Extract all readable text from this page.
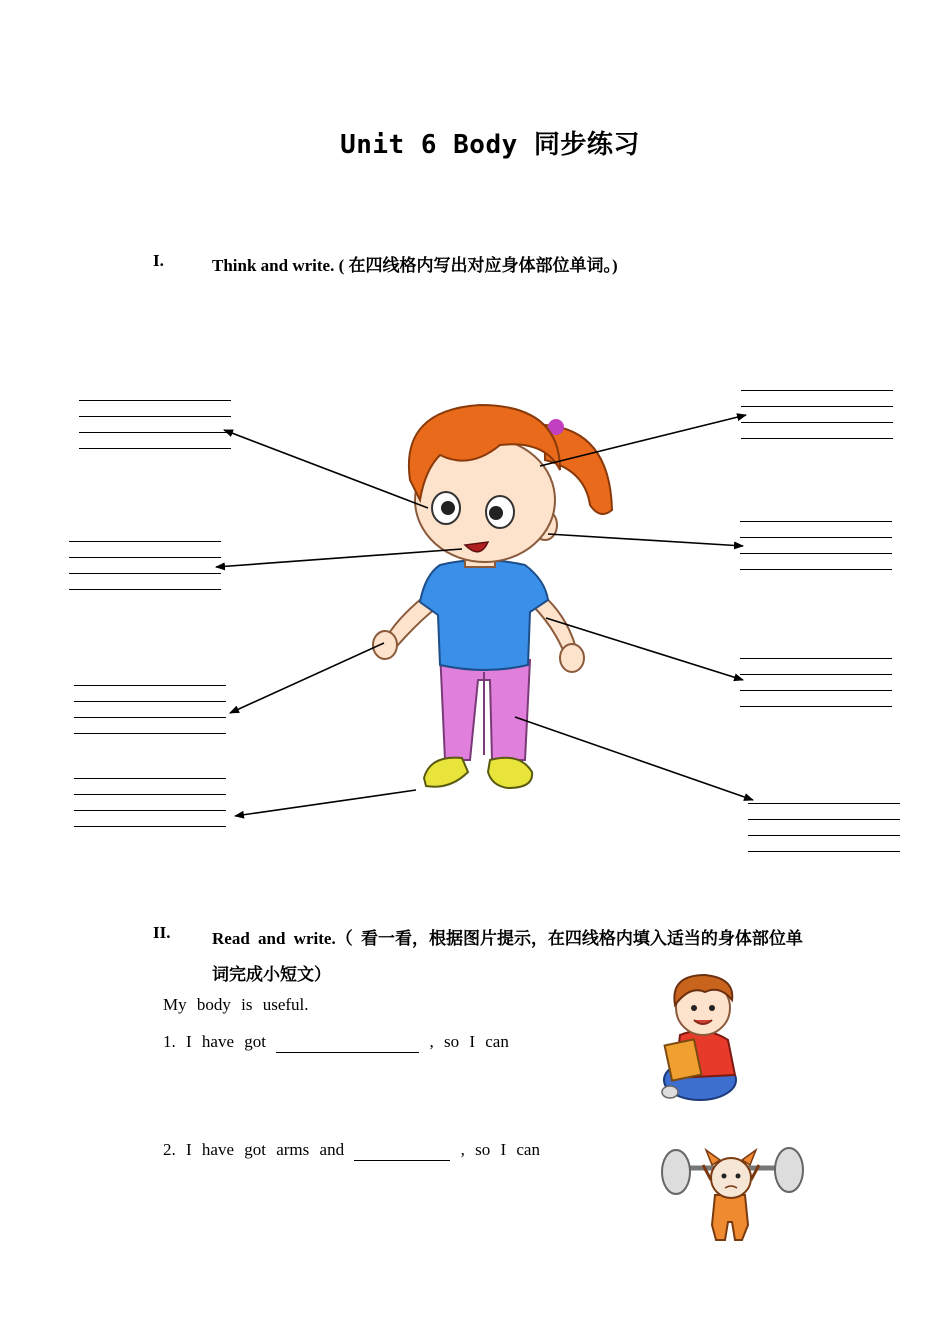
Unit 6 Body 同步练习
I.	Think and write. ( 在四线格内写出对应身体部位单词。)
II. Read and write.（ 看一看，根据图片提示，在四线格内填入适当的身体部位单词完成小短文）
My body is useful.
1. I have got	, so I can
2. I have got arms and	, so I can
